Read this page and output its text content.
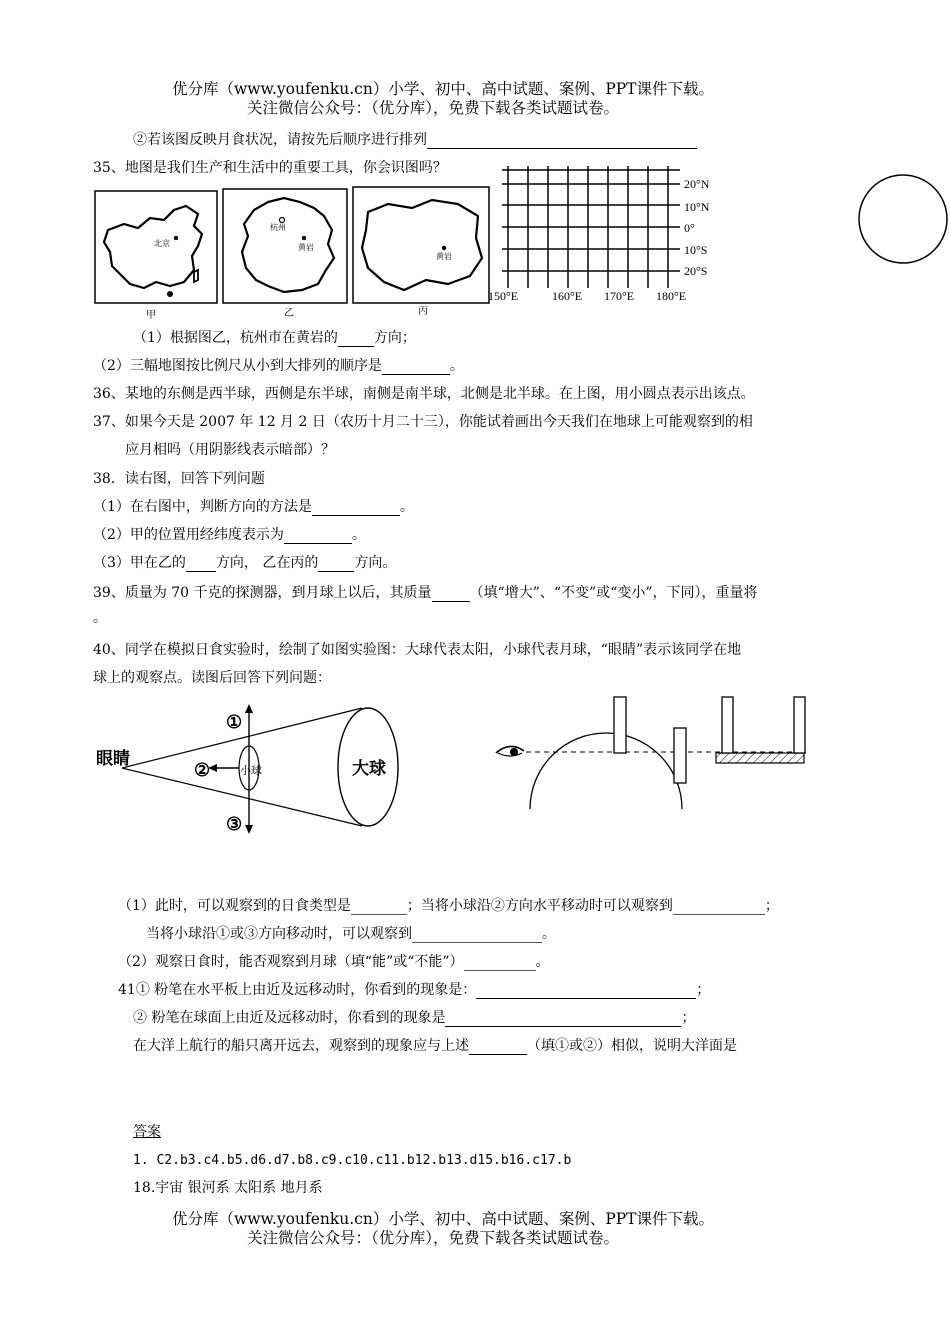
优分库（www.youfenku.cn）小学、初中、高中试题、案例、PPT课件下载。
关注微信公众号：（优分库），免费下载各类试题试卷。
②若该图反映月食状况，请按先后顺序进行排列
35、地图是我们生产和生活中的重要工具，你会识图吗？
北京
甲
杭州
黄岩
乙
黄岩
丙
20°N
10°N
0°
10°S
20°S
150°E	160°E 170°E 180°E
（1）根据图乙，杭州市在黄岩的	方向；
（2）三幅地图按比例尺从小到大排列的顺序是	。
36、某地的东侧是西半球，西侧是东半球，南侧是南半球，北侧是北半球。在上图，用小圆点表示出该点。
37、如果今天是 2007 年 12 月 2 日（农历十月二十三），你能试着画出今天我们在地球上可能观察到的相
应月相吗（用阴影线表示暗部）？
38．读右图，回答下列问题
（1）在右图中，判断方向的方法是	。
（2）甲的位置用经纬度表示为	。
（3）甲在乙的 方向， 乙在丙的	方向。
39、质量为 70 千克的探测器，到月球上以后，其质量	（填“增大”、“不变”或“变小”，下同），重量将
。
40、同学在模拟日食实验时，绘制了如图实验图：大球代表太阳，小球代表月球，“眼睛”表示该同学在地
球上的观察点。读图后回答下列问题：
眼睛
小球	大球
①
②
③
（1）此时，可以观察到的日食类型是	；当将小球沿②方向水平移动时可以观察到	；
当将小球沿①或③方向移动时，可以观察到	。
（2）观察日食时，能否观察到月球（填“能”或“不能”）	。
41① 粉笔在水平板上由近及远移动时，你看到的现象是：	；
② 粉笔在球面上由近及远移动时，你看到的现象是	；
在大洋上航行的船只离开远去，观察到的现象应与上述	（填①或②）相似，说明大洋面是
答案
1. C2.b3.c4.b5.d6.d7.b8.c9.c10.c11.b12.b13.d15.b16.c17.b
18.宇宙 银河系 太阳系 地月系
优分库（www.youfenku.cn）小学、初中、高中试题、案例、PPT课件下载。
关注微信公众号：（优分库），免费下载各类试题试卷。
